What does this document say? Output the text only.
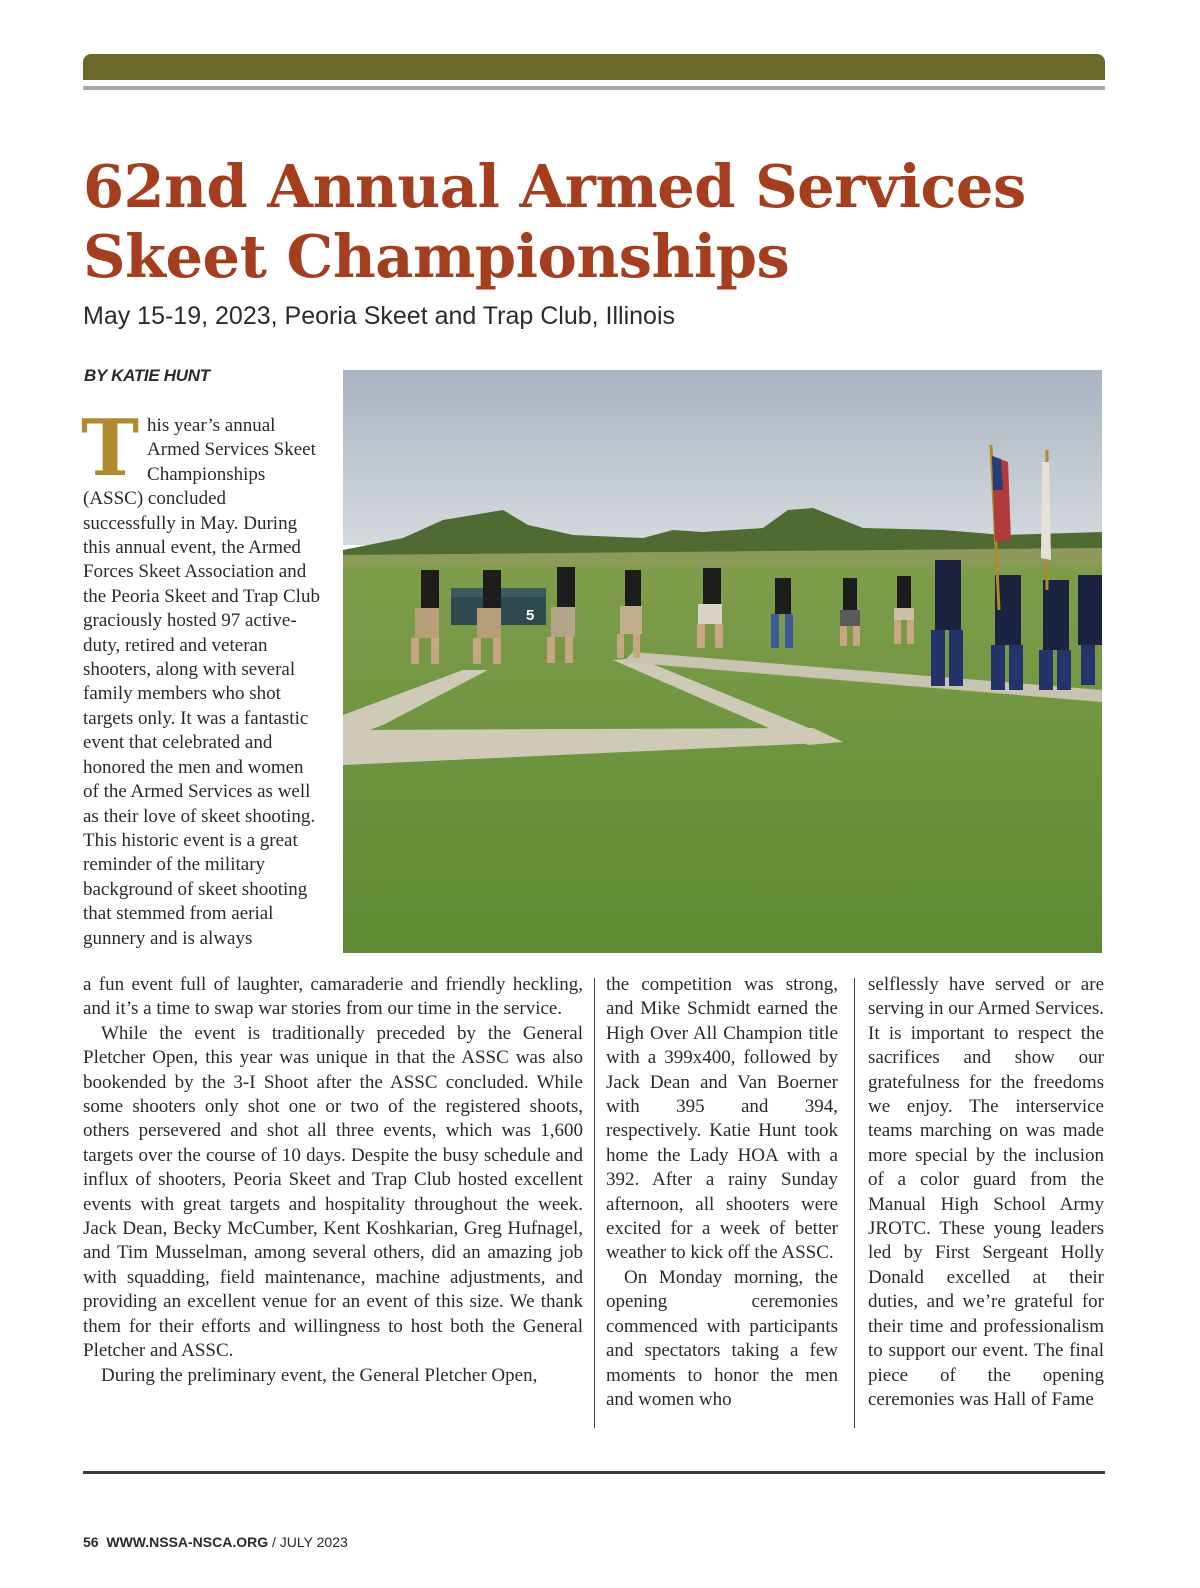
62nd Annual Armed Services
Skeet Championships
May 15-19, 2023, Peoria Skeet and Trap Club, Illinois
BY KATIE HUNT
5

This year’s annual Armed Services Skeet Championships (ASSC) concluded successfully in May. During this annual event, the Armed Forces Skeet Association and the Peoria Skeet and Trap Club graciously hosted 97 active-duty, retired and veteran shooters, along with several family members who shot targets only. It was a fantastic event that celebrated and honored the men and women of the Armed Services as well as their love of skeet shooting. This historic event is a great reminder of the military background of skeet shooting that stemmed from aerial gunnery and is always

a fun event full of laughter, camaraderie and friendly heckling, and it’s a time to swap war stories from our time in the service.

While the event is traditionally preceded by the General Pletcher Open, this year was unique in that the ASSC was also bookended by the 3-I Shoot after the ASSC concluded. While some shooters only shot one or two of the registered shoots, others persevered and shot all three events, which was 1,600 targets over the course of 10 days. Despite the busy schedule and influx of shooters, Peoria Skeet and Trap Club hosted excellent events with great targets and hospitality throughout the week. Jack Dean, Becky McCumber, Kent Koshkarian, Greg Hufnagel, and Tim Musselman, among several others, did an amazing job with squadding, field maintenance, machine adjustments, and providing an excellent venue for an event of this size. We thank them for their efforts and willingness to host both the General Pletcher and ASSC.

During the preliminary event, the General Pletcher Open,

the competition was strong, and Mike Schmidt earned the High Over All Champion title with a 399x400, followed by Jack Dean and Van Boerner with 395 and 394, respectively. Katie Hunt took home the Lady HOA with a 392. After a rainy Sunday afternoon, all shooters were excited for a week of better weather to kick off the ASSC.

On Monday morning, the opening ceremonies commenced with participants and spectators taking a few moments to honor the men and women who

selflessly have served or are serving in our Armed Services. It is important to respect the sacrifices and show our gratefulness for the freedoms we enjoy. The interservice teams marching on was made more special by the inclusion of a color guard from the Manual High School Army JROTC. These young leaders led by First Sergeant Holly Donald excelled at their duties, and we’re grateful for their time and professionalism to support our event. The final piece of the opening ceremonies was Hall of Fame

56 WWW.NSSA-NSCA.ORG / JULY 2023
